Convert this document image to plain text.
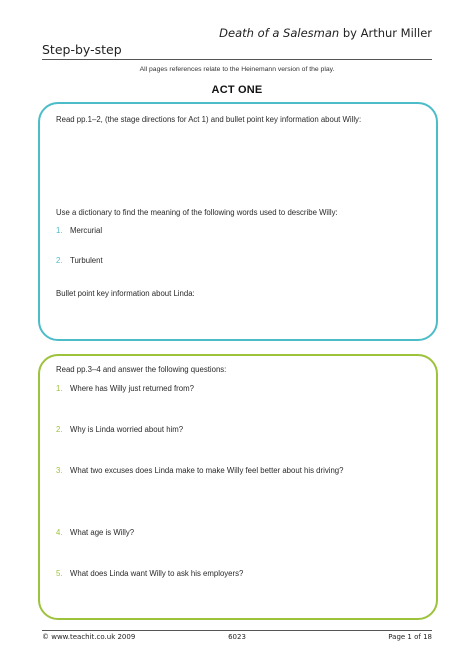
Death of a Salesman by Arthur Miller
Step-by-step
All pages references relate to the Heinemann version of the play.
ACT ONE
Read pp.1–2, (the stage directions for Act 1) and bullet point key information about Willy:
Use a dictionary to find the meaning of the following words used to describe Willy:
1. Mercurial
2. Turbulent
Bullet point key information about Linda:
Read pp.3–4 and answer the following questions:
1. Where has Willy just returned from?
2. Why is Linda worried about him?
3. What two excuses does Linda make to make Willy feel better about his driving?
4. What age is Willy?
5. What does Linda want Willy to ask his employers?
© www.teachit.co.uk 2009	6023	Page 1 of 18
